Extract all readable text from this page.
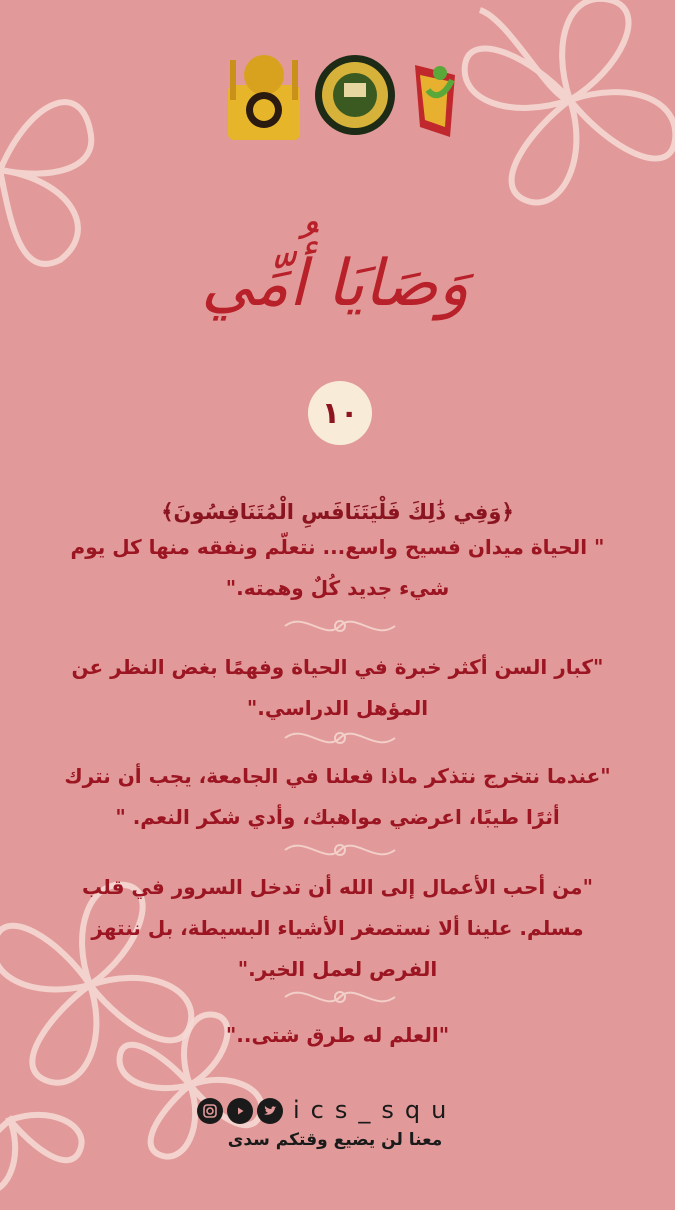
وَصَايَا أُمِّي
١٠
﴿وَفِي ذَٰلِكَ فَلْيَتَنَافَسِ الْمُتَنَافِسُونَ﴾
" الحياة ميدان فسيح واسع... نتعلّم ونفقه منها كل يوم شيء جديد كُلٌ وهمته."
"كبار السن أكثر خبرة في الحياة وفهمًا بغض النظر عن المؤهل الدراسي."
"عندما نتخرج نتذكر ماذا فعلنا في الجامعة، يجب أن نترك أثرًا طيبًا، اعرضي مواهبك، وأدي شكر النعم. "
"من أحب الأعمال إلى الله أن تدخل السرور في قلب مسلم. علينا ألا نستصغر الأشياء البسيطة، بل ننتهز الفرص لعمل الخير."
"العلم له طرق شتى.."
ics_squ
معنا لن يضيع وقتكم سدى
